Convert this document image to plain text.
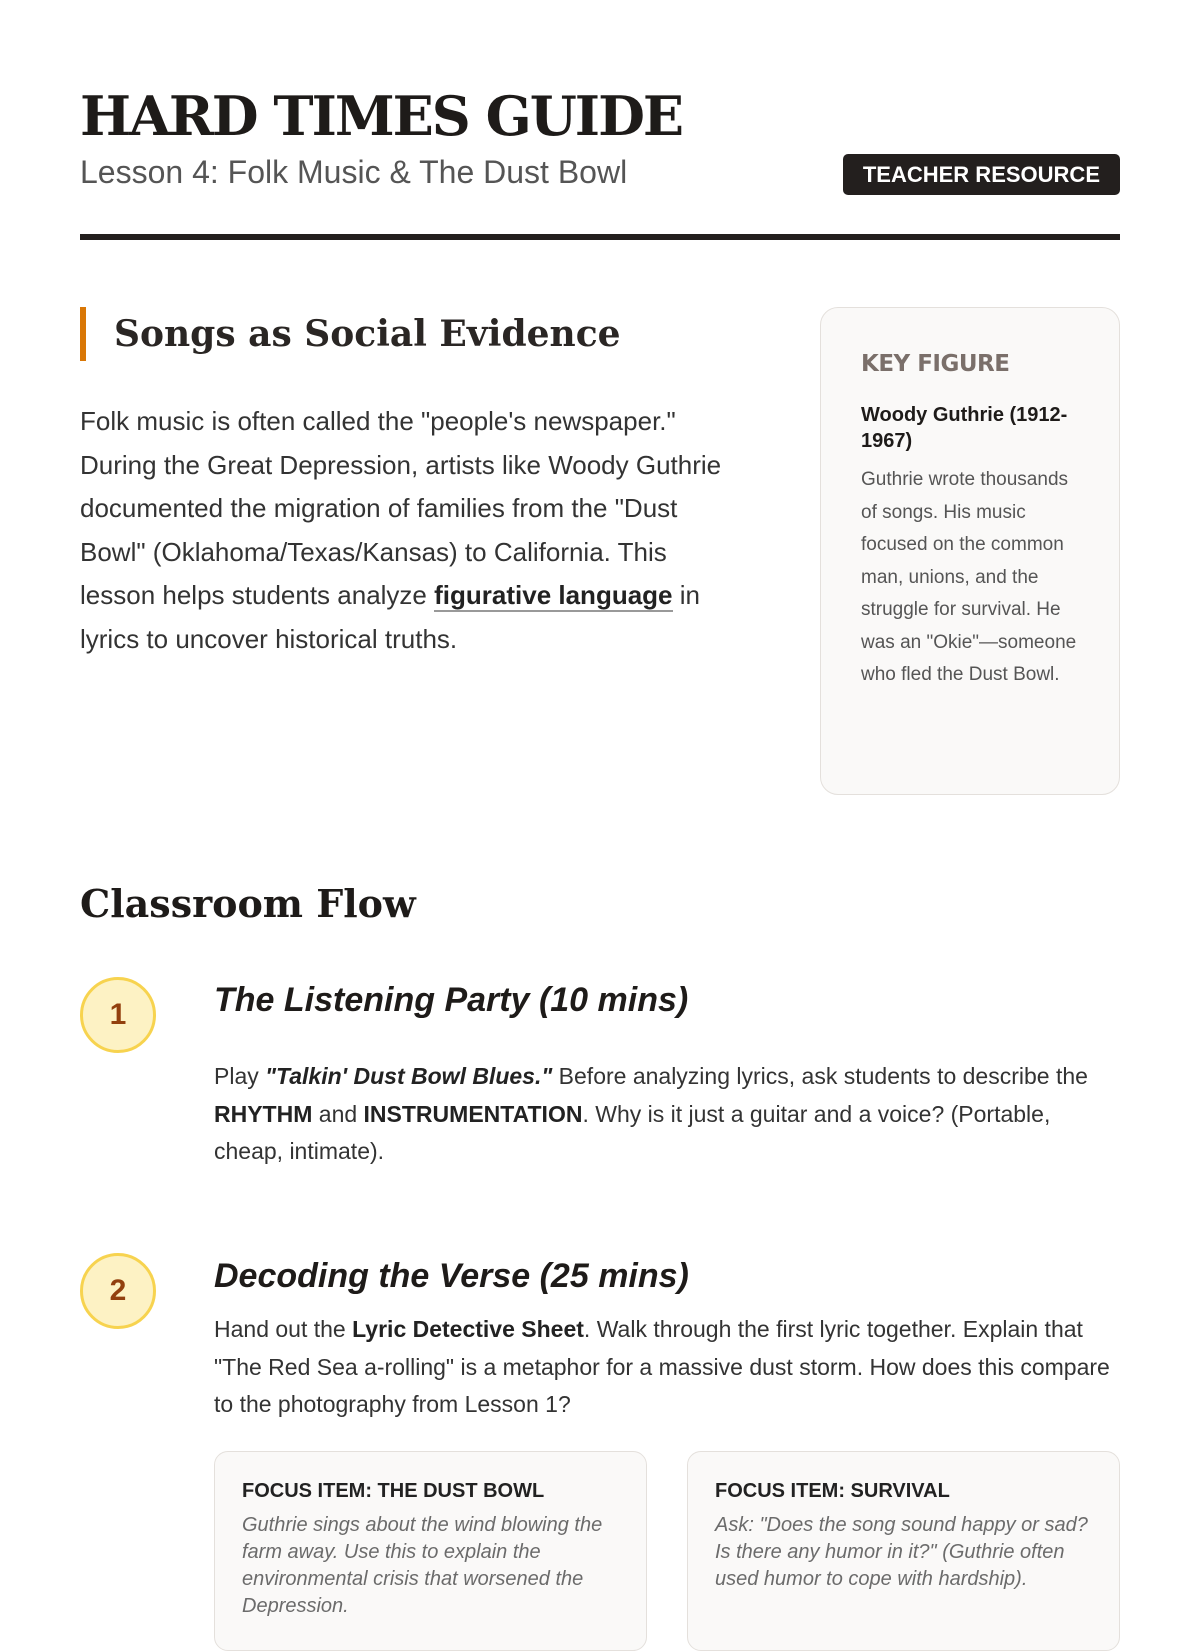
HARD TIMES GUIDE

Lesson 4: Folk Music & The Dust Bowl	TEACHER RESOURCE
Songs as Social Evidence

Folk music is often called the "people's newspaper." During the Great Depression, artists like Woody Guthrie documented the migration of families from the "Dust Bowl" (Oklahoma/Texas/Kansas) to California. This lesson helps students analyze figurative language in lyrics to uncover historical truths.

KEY FIGURE

Woody Guthrie (1912-1967)

Guthrie wrote thousands of songs. His music focused on the common man, unions, and the struggle for survival. He was an "Okie"—someone who fled the Dust Bowl.

Classroom Flow
1	The Listening Party (10 mins)

Play "Talkin' Dust Bowl Blues." Before analyzing lyrics, ask students to describe the RHYTHM and INSTRUMENTATION. Why is it just a guitar and a voice? (Portable, cheap, intimate).

2	Decoding the Verse (25 mins)

Hand out the Lyric Detective Sheet. Walk through the first lyric together. Explain that "The Red Sea a-rolling" is a metaphor for a massive dust storm. How does this compare to the photography from Lesson 1?

FOCUS ITEM: THE DUST BOWL

Guthrie sings about the wind blowing the farm away. Use this to explain the environmental crisis that worsened the Depression.

FOCUS ITEM: SURVIVAL

Ask: "Does the song sound happy or sad? Is there any humor in it?" (Guthrie often used humor to cope with hardship).
